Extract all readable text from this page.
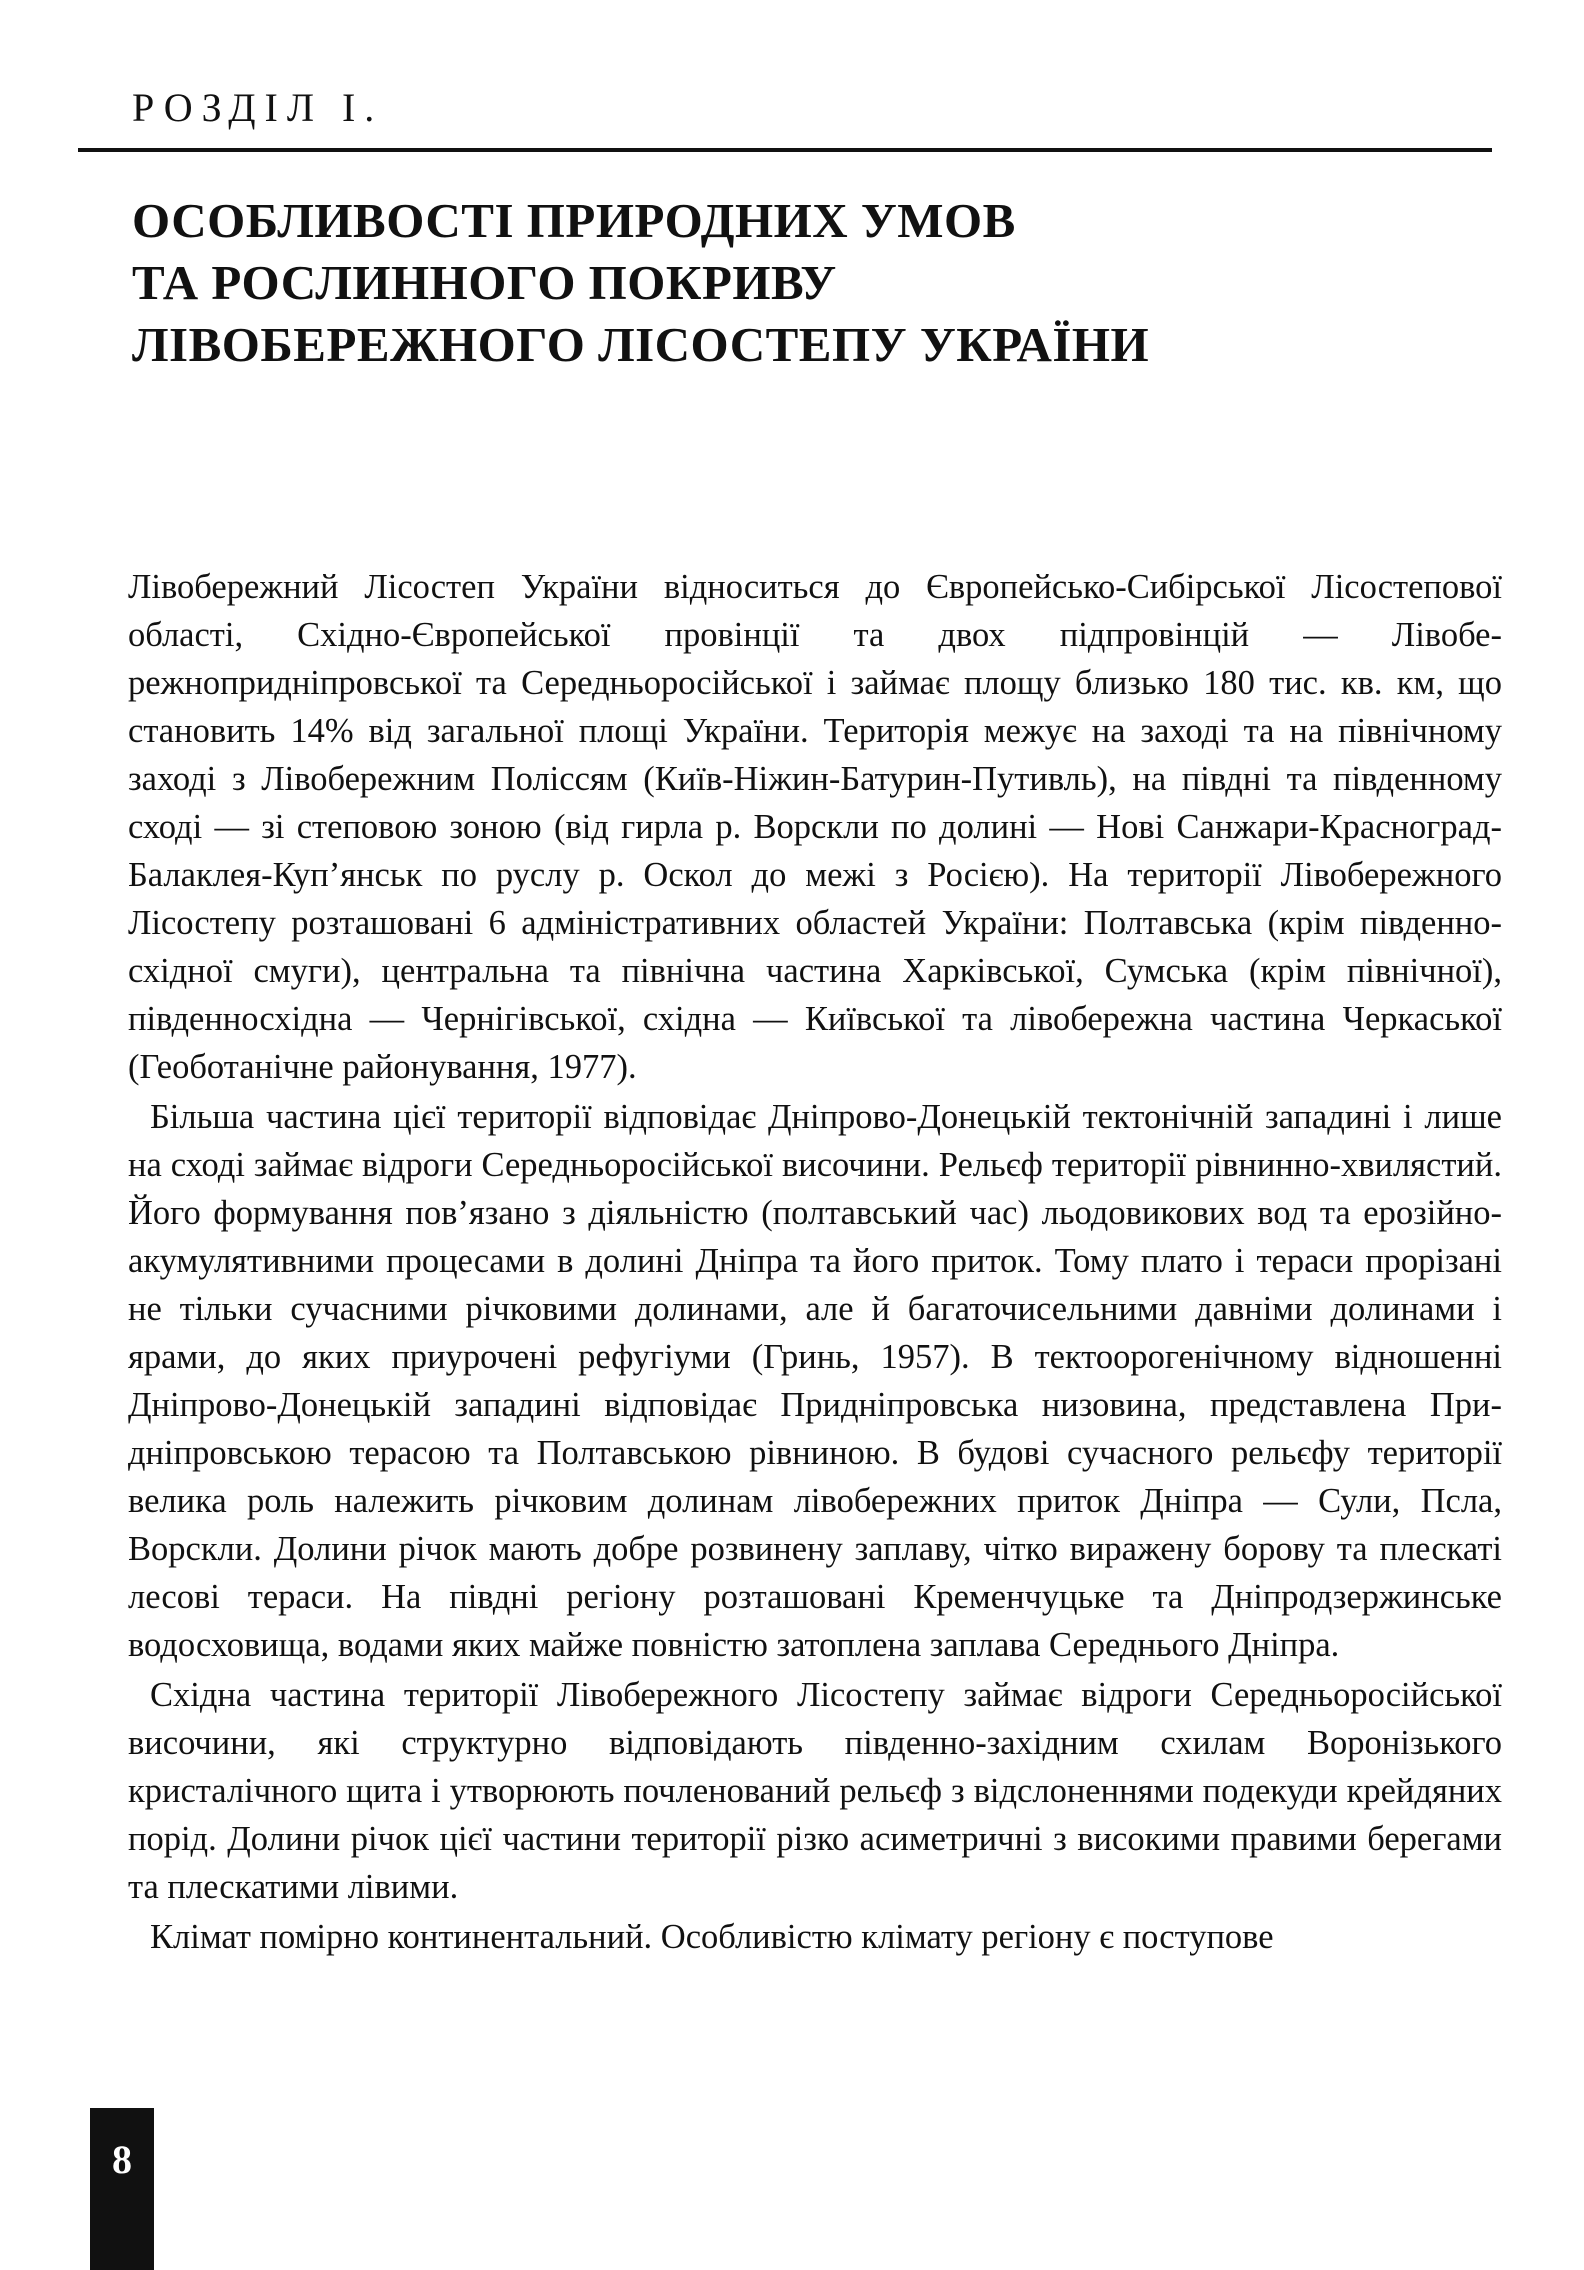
РОЗДІЛ І.
ОСОБЛИВОСТІ ПРИРОДНИХ УМОВ
ТА РОСЛИННОГО ПОКРИВУ
ЛІВОБЕРЕЖНОГО ЛІСОСТЕПУ УКРАЇНИ

Лівобережний Лісостеп України відноситься до Європейсько-Сибірської Лісостепової області, Східно-Європейської провінції та двох підпровінцій — Лівобережнопридніпровської та Середньоросійської і займає площу близько 180 тис. кв. км, що становить 14% від загальної площі України. Територія межує на заході та на північному заході з Лівобережним Поліссям (Київ-Ніжин-Батурин-Путивль), на півдні та південному сході — зі степовою зоною (від гирла р. Ворскли по долині — Нові Санжари-Красноград-Балаклея-Куп’янськ по руслу р. Оскол до межі з Росією). На території Лівобережного Лісостепу розташовані 6 адміністративних областей України: Полтавська (крім південно-східної смуги), центральна та північна частина Харківської, Сумська (крім північної), південносхідна — Чернігівської, східна — Київської та лівобережна частина Черкаської (Геоботанічне районування, 1977).

Більша частина цієї території відповідає Дніпрово-Донецькій тектонічній западині і лише на сході займає відроги Середньоросійської височини. Рельєф території рівнинно-хвилястий. Його формування пов’язано з діяльністю (полтавський час) льодовикових вод та ерозійно-акумулятивними процесами в долині Дніпра та його приток. Тому плато і тераси прорізані не тільки сучасними річковими долинами, але й багаточисельними давніми долинами і ярами, до яких приурочені рефугіуми (Гринь, 1957). В тектоорогенічному відношенні Дніпрово-Донецькій западині відповідає Придніпровська низовина, представлена Придніпровською терасою та Полтавською рівниною. В будові сучасного рельєфу території велика роль належить річковим долинам лівобережних приток Дніпра — Сули, Псла, Ворскли. Долини річок мають добре розвинену заплаву, чітко виражену борову та плескаті лесові тераси. На півдні регіону розташовані Кременчуцьке та Дніпродзержинське водосховища, водами яких майже повністю затоплена заплава Середнього Дніпра.

Східна частина території Лівобережного Лісостепу займає відроги Середньоросійської височини, які структурно відповідають південно-західним схилам Воронізького кристалічного щита і утворюють почленований рельєф з відслоненнями подекуди крейдяних порід. Долини річок цієї частини території різко асиметричні з високими правими берегами та плескатими лівими.

Клімат помірно континентальний. Особливістю клімату регіону є поступове

8
